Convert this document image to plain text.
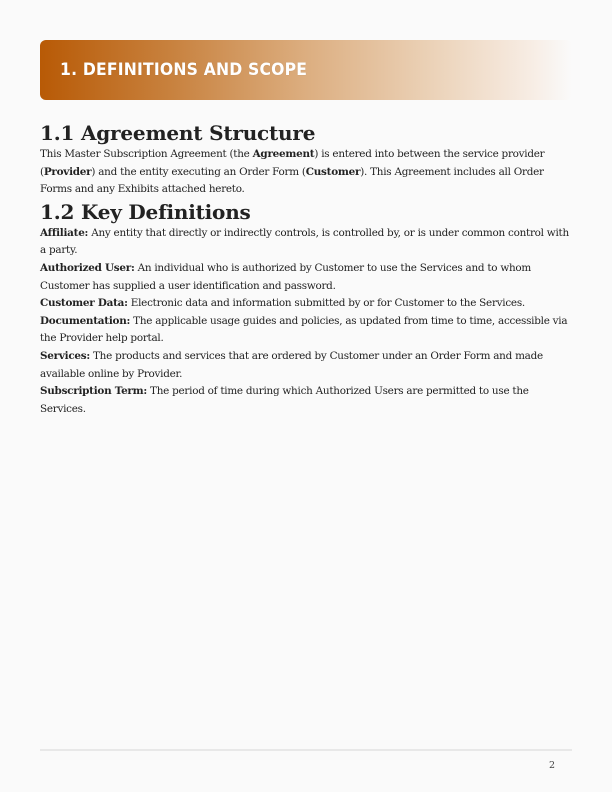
1. DEFINITIONS AND SCOPE
1.1 Agreement Structure

This Master Subscription Agreement (the Agreement) is entered into between the service provider (Provider) and the entity executing an Order Form (Customer). This Agreement includes all Order Forms and any Exhibits attached hereto.

1.2 Key Definitions
Affiliate: Any entity that directly or indirectly controls, is controlled by, or is under common control with a party.
Authorized User: An individual who is authorized by Customer to use the Services and to whom Customer has supplied a user identification and password.
Customer Data: Electronic data and information submitted by or for Customer to the Services.
Documentation: The applicable usage guides and policies, as updated from time to time, accessible via the Provider help portal.
Services: The products and services that are ordered by Customer under an Order Form and made available online by Provider.
Subscription Term: The period of time during which Authorized Users are permitted to use the Services.
2
